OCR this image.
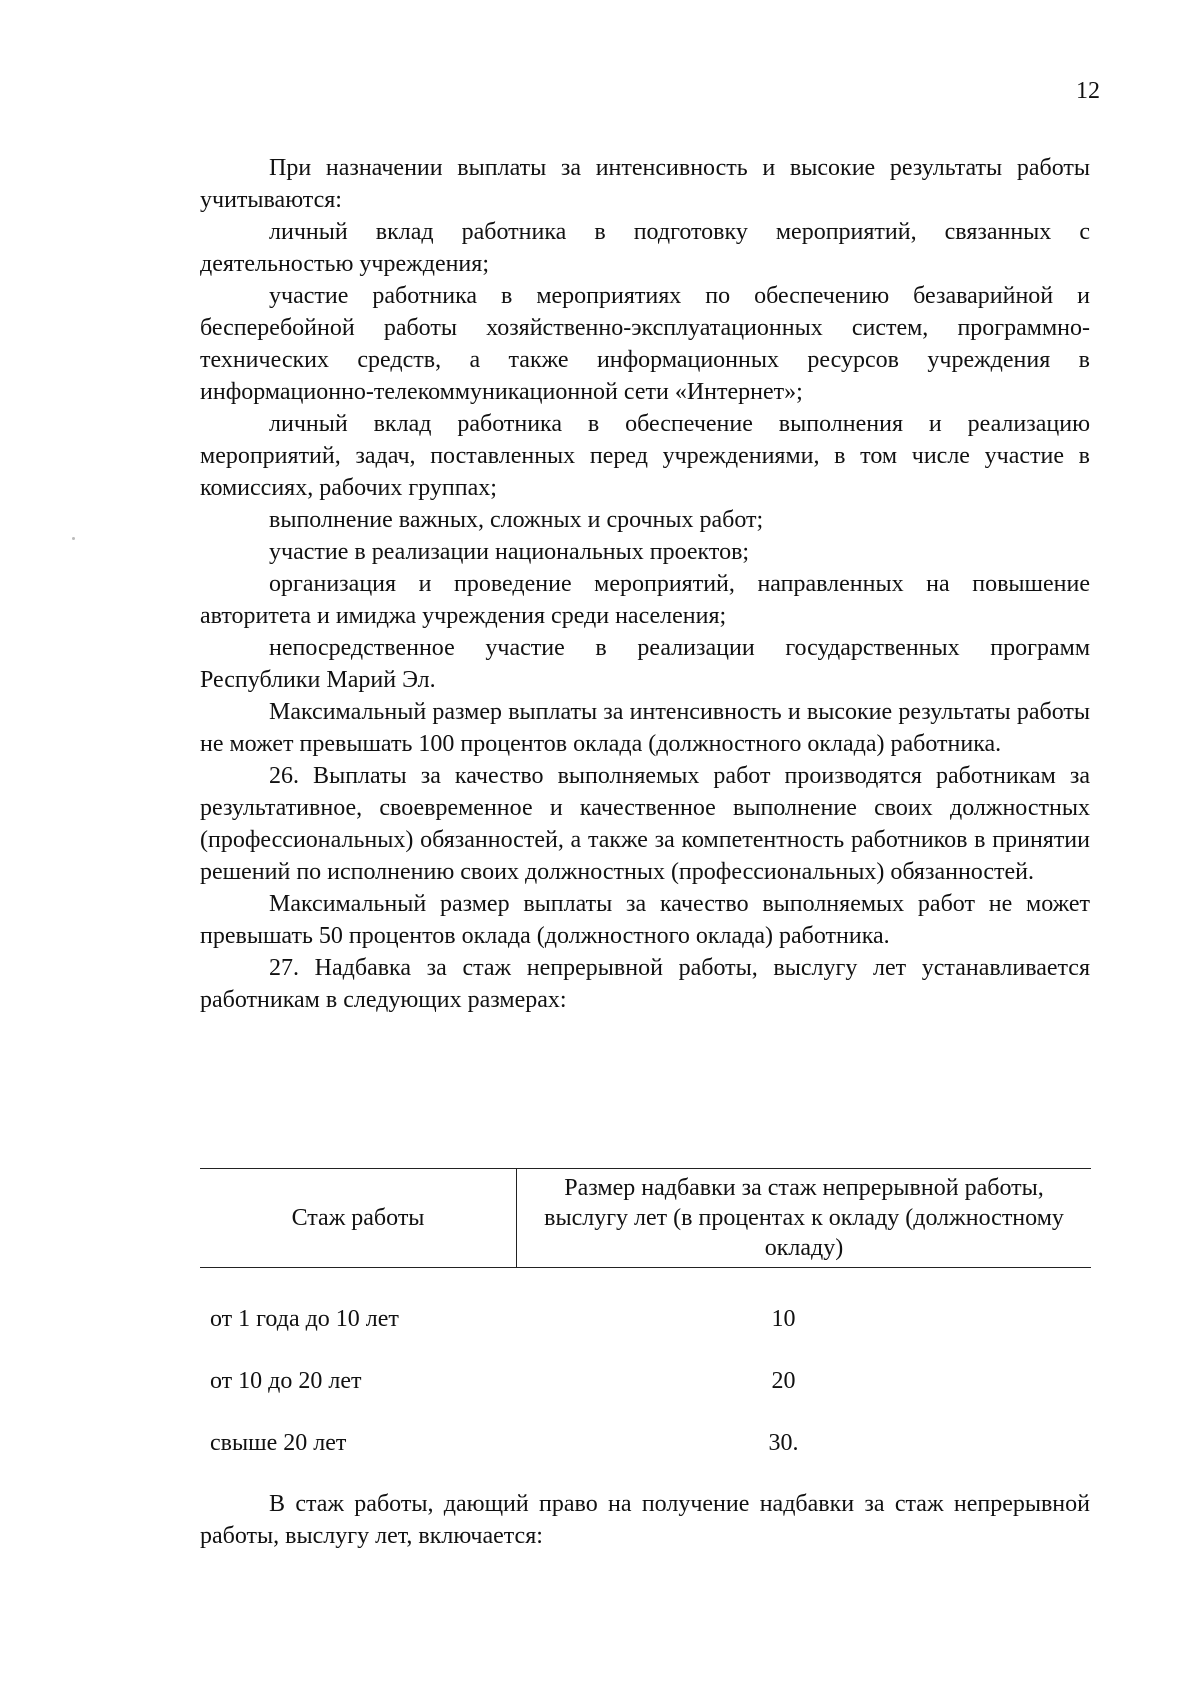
12

При назначении выплаты за интенсивность и высокие результаты работы учитываются:

личный вклад работника в подготовку мероприятий, связанных с деятельностью учреждения;

участие работника в мероприятиях по обеспечению безаварийной и бесперебойной работы хозяйственно-эксплуатационных систем, программно-технических средств, а также информационных ресурсов учреждения в информационно-телекоммуникационной сети «Интернет»;

личный вклад работника в обеспечение выполнения и реализацию мероприятий, задач, поставленных перед учреждениями, в том числе участие в комиссиях, рабочих группах;

выполнение важных, сложных и срочных работ;

участие в реализации национальных проектов;

организация и проведение мероприятий, направленных на повышение авторитета и имиджа учреждения среди населения;

непосредственное участие в реализации государственных программ Республики Марий Эл.

Максимальный размер выплаты за интенсивность и высокие результаты работы не может превышать 100 процентов оклада (должностного оклада) работника.

26. Выплаты за качество выполняемых работ производятся работникам за результативное, своевременное и качественное выполнение своих должностных (профессиональных) обязанностей, а также за компетентность работников в принятии решений по исполнению своих должностных (профессиональных) обязанностей.

Максимальный размер выплаты за качество выполняемых работ не может превышать 50 процентов оклада (должностного оклада) работника.

27. Надбавка за стаж непрерывной работы, выслугу лет устанавливается работникам в следующих размерах:

Стаж работы
Размер надбавки за стаж непрерывной работы, выслугу лет (в процентах к окладу (должностному окладу)
от 1 года до 10 лет	10
от 10 до 20 лет	20
свыше 20 лет	30.

В стаж работы, дающий право на получение надбавки за стаж непрерывной работы, выслугу лет, включается:
